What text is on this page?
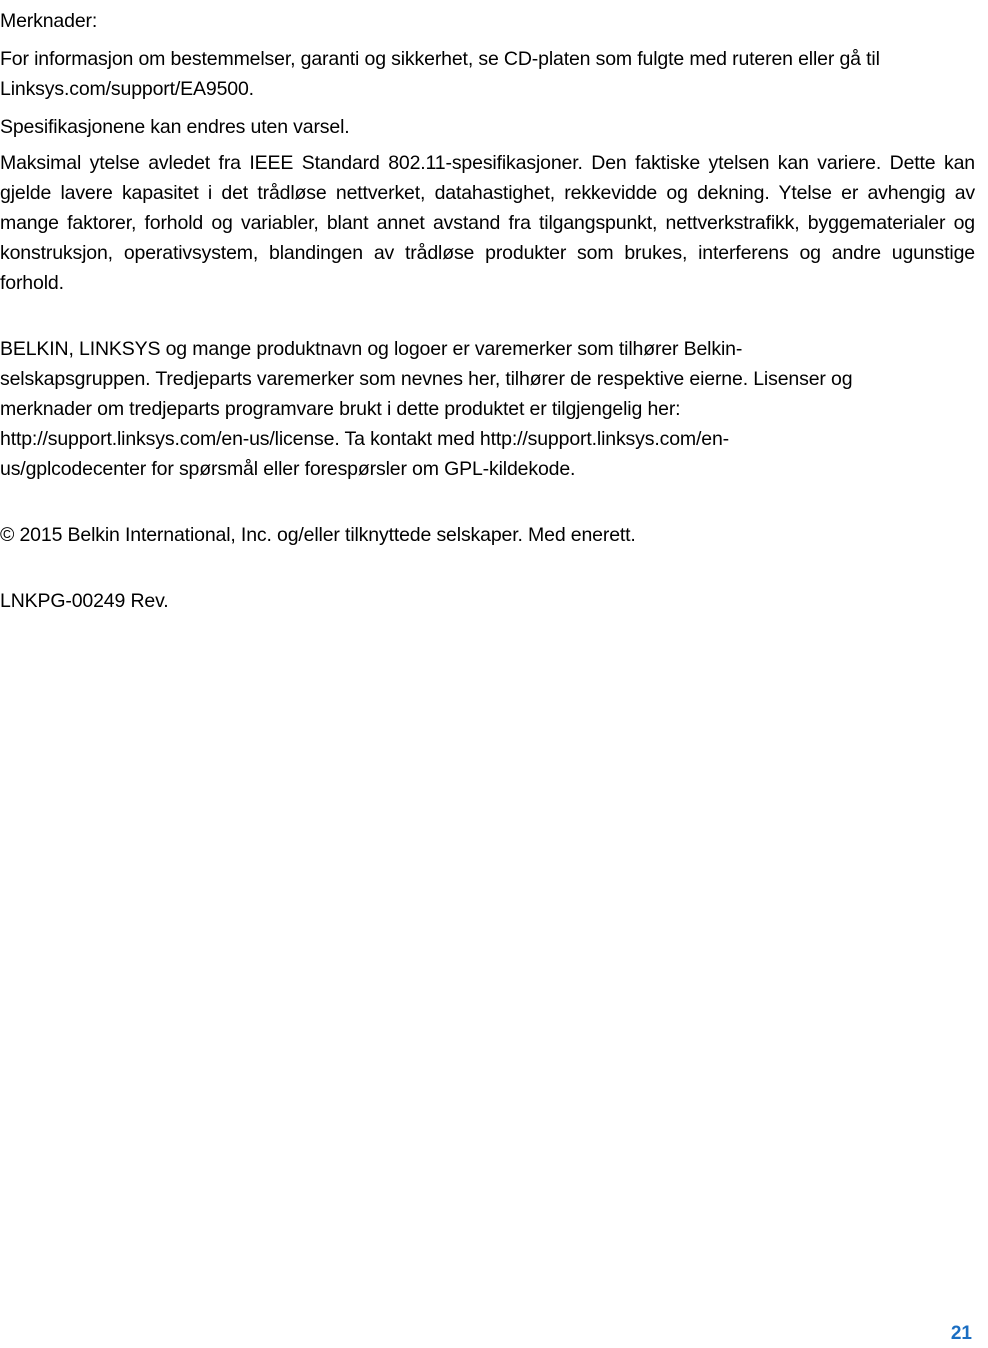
Merknader:

For informasjon om bestemmelser, garanti og sikkerhet, se CD-platen som fulgte med ruteren eller gå til Linksys.com/support/EA9500.

Spesifikasjonene kan endres uten varsel.

Maksimal ytelse avledet fra IEEE Standard 802.11-spesifikasjoner. Den faktiske ytelsen kan variere. Dette kan gjelde lavere kapasitet i det trådløse nettverket, datahastighet, rekkevidde og dekning. Ytelse er avhengig av mange faktorer, forhold og variabler, blant annet avstand fra tilgangspunkt, nettverkstrafikk, byggematerialer og konstruksjon, operativsystem, blandingen av trådløse produkter som brukes, interferens og andre ugunstige forhold.

BELKIN, LINKSYS og mange produktnavn og logoer er varemerker som tilhører Belkin-

selskapsgruppen. Tredjeparts varemerker som nevnes her, tilhører de respektive eierne. Lisenser og

merknader om tredjeparts programvare brukt i dette produktet er tilgjengelig her:

http://support.linksys.com/en-us/license. Ta kontakt med http://support.linksys.com/en-

us/gplcodecenter for spørsmål eller forespørsler om GPL-kildekode.

© 2015 Belkin International, Inc. og/eller tilknyttede selskaper. Med enerett.

LNKPG-00249 Rev.

21
